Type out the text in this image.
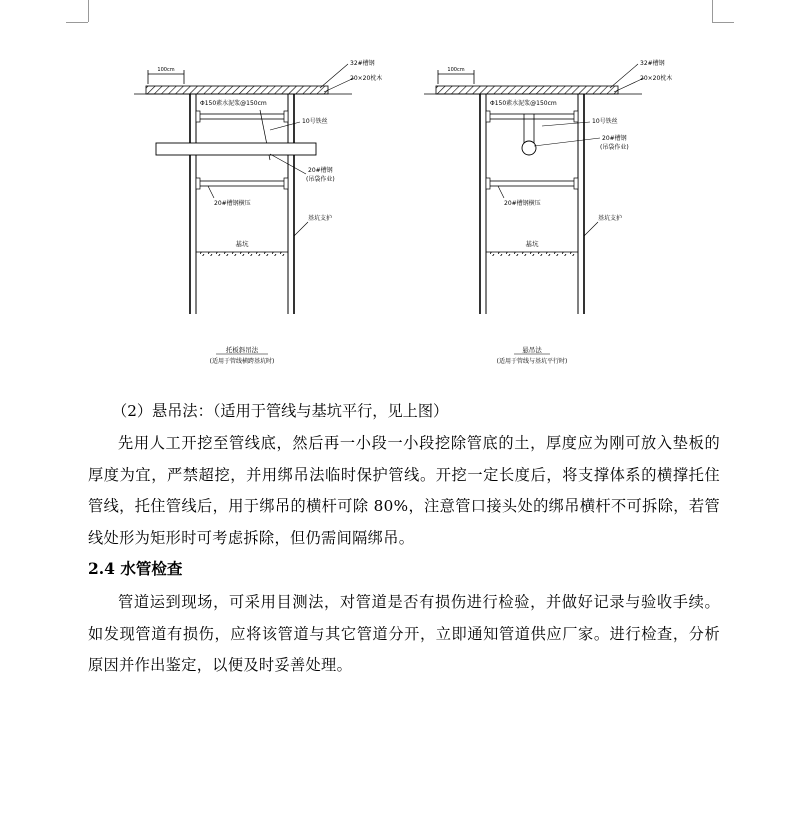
100cm
32#槽钢
20×20枕木
Φ150素水泥浆@150cm
10号铁丝
20#槽钢
(吊袋作业)
20#槽钢横压
基坑支护
基坑
托板斜吊法
(适用于管线横跨基坑时)
100cm
32#槽钢
20×20枕木
Φ150素水泥浆@150cm
10号铁丝
20#槽钢
(吊袋作业)
20#槽钢横压
基坑支护
基坑
悬吊法
(适用于管线与基坑平行时)
（2）悬吊法：（适用于管线与基坑平行，见上图）

先用人工开挖至管线底，然后再一小段一小段挖除管底的土，厚度应为刚可放入垫板的厚度为宜，严禁超挖，并用绑吊法临时保护管线。开挖一定长度后，将支撑体系的横撑托住管线，托住管线后，用于绑吊的横杆可除 80%，注意管口接头处的绑吊横杆不可拆除，若管线处形为矩形时可考虑拆除，但仍需间隔绑吊。

2.4 水管检查

管道运到现场，可采用目测法，对管道是否有损伤进行检验，并做好记录与验收手续。如发现管道有损伤，应将该管道与其它管道分开，立即通知管道供应厂家。进行检查，分析原因并作出鉴定，以便及时妥善处理。
